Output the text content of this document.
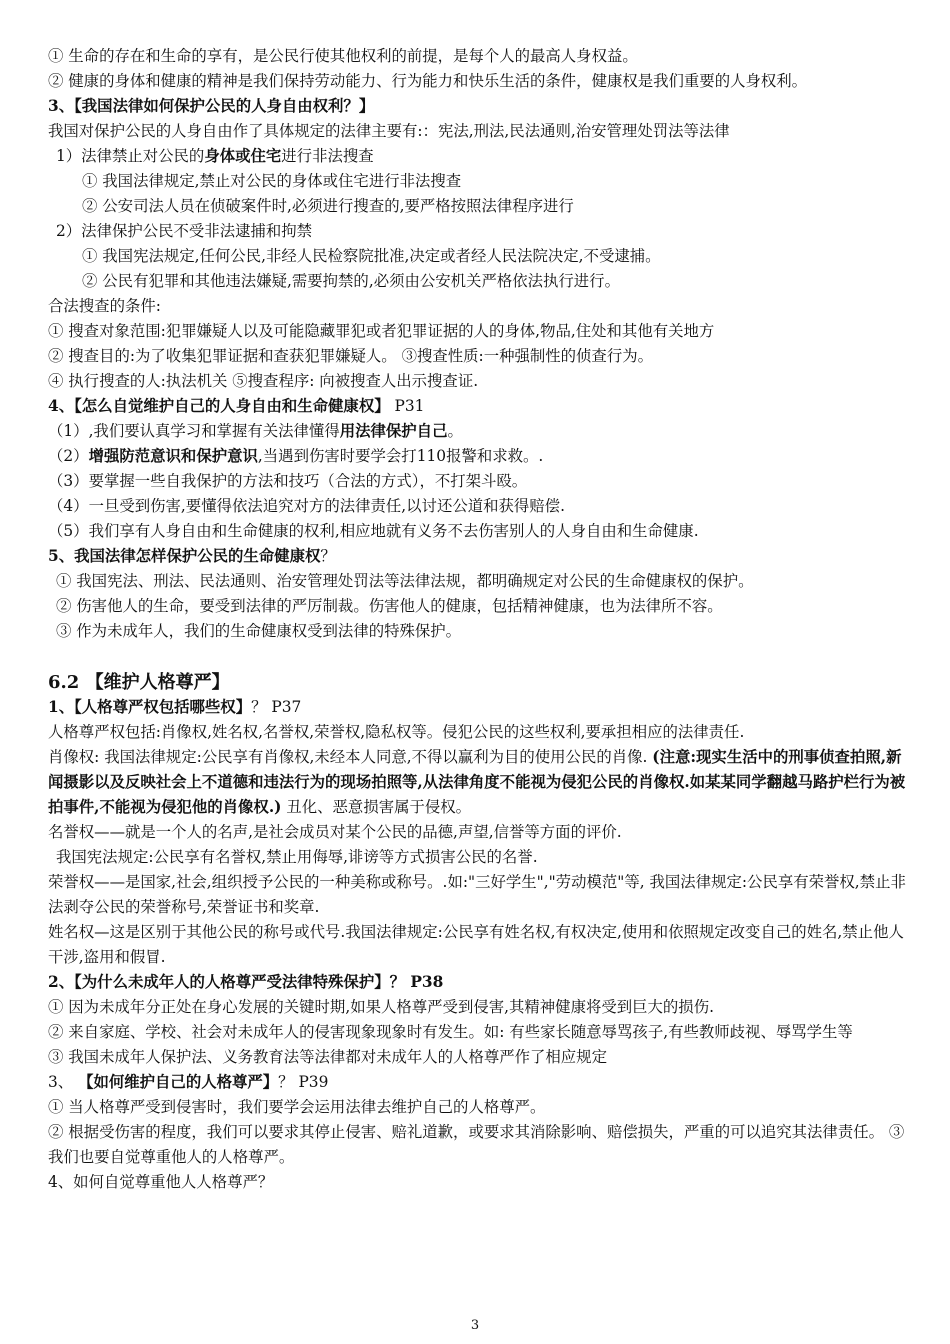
① 生命的存在和生命的享有，是公民行使其他权利的前提，是每个人的最高人身权益。
② 健康的身体和健康的精神是我们保持劳动能力、行为能力和快乐生活的条件，健康权是我们重要的人身权利。
3、【我国法律如何保护公民的人身自由权利？】
我国对保护公民的人身自由作了具体规定的法律主要有:：宪法,刑法,民法通则,治安管理处罚法等法律
1）法律禁止对公民的身体或住宅进行非法搜查
① 我国法律规定,禁止对公民的身体或住宅进行非法搜查
② 公安司法人员在侦破案件时,必须进行搜查的,要严格按照法律程序进行
2）法律保护公民不受非法逮捕和拘禁
① 我国宪法规定,任何公民,非经人民检察院批准,决定或者经人民法院决定,不受逮捕。
② 公民有犯罪和其他违法嫌疑,需要拘禁的,必须由公安机关严格依法执行进行。
合法搜查的条件:
① 搜查对象范围:犯罪嫌疑人以及可能隐藏罪犯或者犯罪证据的人的身体,物品,住处和其他有关地方
② 搜查目的:为了收集犯罪证据和查获犯罪嫌疑人。 ③搜查性质:一种强制性的侦查行为。
④ 执行搜查的人:执法机关 ⑤搜查程序: 向被搜查人出示搜查证.
4、【怎么自觉维护自己的人身自由和生命健康权】 P31
（1）,我们要认真学习和掌握有关法律懂得用法律保护自己。
（2）增强防范意识和保护意识,当遇到伤害时要学会打110报警和求救。.
（3）要掌握一些自我保护的方法和技巧（合法的方式），不打架斗殴。
（4）一旦受到伤害,要懂得依法追究对方的法律责任,以讨还公道和获得赔偿.
（5）我们享有人身自由和生命健康的权利,相应地就有义务不去伤害别人的人身自由和生命健康.
5、我国法律怎样保护公民的生命健康权？
① 我国宪法、刑法、民法通则、治安管理处罚法等法律法规，都明确规定对公民的生命健康权的保护。
② 伤害他人的生命，要受到法律的严厉制裁。伤害他人的健康，包括精神健康，也为法律所不容。
③ 作为未成年人，我们的生命健康权受到法律的特殊保护。
6.2 【维护人格尊严】
1、【人格尊严权包括哪些权】？ P37
人格尊严权包括:肖像权,姓名权,名誉权,荣誉权,隐私权等。侵犯公民的这些权利,要承担相应的法律责任.
肖像权: 我国法律规定:公民享有肖像权,未经本人同意,不得以赢利为目的使用公民的肖像. (注意:现实生活中的刑事侦查拍照,新闻摄影以及反映社会上不道德和违法行为的现场拍照等,从法律角度不能视为侵犯公民的肖像权.如某某同学翻越马路护栏行为被拍事件,不能视为侵犯他的肖像权.) 丑化、恶意损害属于侵权。
名誉权——就是一个人的名声,是社会成员对某个公民的品德,声望,信誉等方面的评价.
我国宪法规定:公民享有名誉权,禁止用侮辱,诽谤等方式损害公民的名誉.
荣誉权——是国家,社会,组织授予公民的一种美称或称号。.如:"三好学生","劳动模范"等, 我国法律规定:公民享有荣誉权,禁止非法剥夺公民的荣誉称号,荣誉证书和奖章.
姓名权—这是区别于其他公民的称号或代号.我国法律规定:公民享有姓名权,有权决定,使用和依照规定改变自己的姓名,禁止他人干涉,盗用和假冒.
2、【为什么未成年人的人格尊严受法律特殊保护】？ P38
① 因为未成年分正处在身心发展的关键时期,如果人格尊严受到侵害,其精神健康将受到巨大的损伤.
② 来自家庭、学校、社会对未成年人的侵害现象现象时有发生。如: 有些家长随意辱骂孩子,有些教师歧视、辱骂学生等
③ 我国未成年人保护法、义务教育法等法律都对未成年人的人格尊严作了相应规定
3、 【如何维护自己的人格尊严】？ P39
① 当人格尊严受到侵害时，我们要学会运用法律去维护自己的人格尊严。
② 根据受伤害的程度，我们可以要求其停止侵害、赔礼道歉，或要求其消除影响、赔偿损失，严重的可以追究其法律责任。 ③我们也要自觉尊重他人的人格尊严。
4、如何自觉尊重他人人格尊严？
3
